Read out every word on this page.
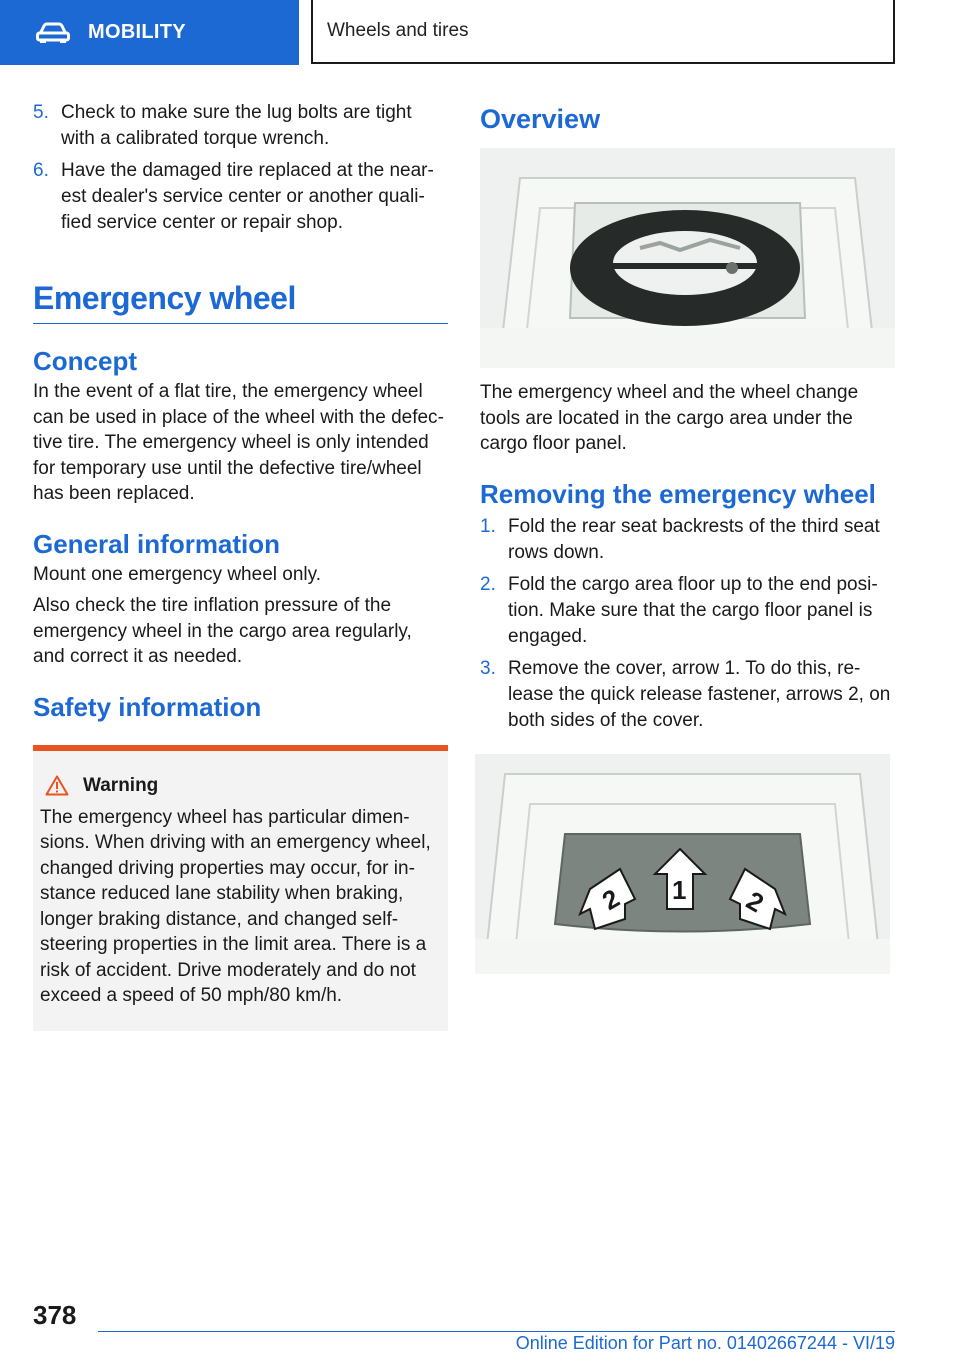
MOBILITY	Wheels and tires
5. Check to make sure the lug bolts are tight with a calibrated torque wrench.
6. Have the damaged tire replaced at the nearest dealer's service center or another qualified service center or repair shop.
Emergency wheel
Concept

In the event of a flat tire, the emergency wheel can be used in place of the wheel with the defective tire. The emergency wheel is only intended for temporary use until the defective tire/wheel has been replaced.

General information

Mount one emergency wheel only.

Also check the tire inflation pressure of the emergency wheel in the cargo area regularly, and correct it as needed.

Safety information
Warning

The emergency wheel has particular dimensions. When driving with an emergency wheel, changed driving properties may occur, for instance reduced lane stability when braking, longer braking distance, and changed self-steering properties in the limit area. There is a risk of accident. Drive moderately and do not exceed a speed of 50 mph/80 km/h.

Overview

The emergency wheel and the wheel change tools are located in the cargo area under the cargo floor panel.

Removing the emergency wheel
1. Fold the rear seat backrests of the third seat rows down.
2. Fold the cargo area floor up to the end position. Make sure that the cargo floor panel is engaged.
3. Remove the cover, arrow 1. To do this, release the quick release fastener, arrows 2, on both sides of the cover.
2 1 2
378
Online Edition for Part no. 01402667244 - VI/19
